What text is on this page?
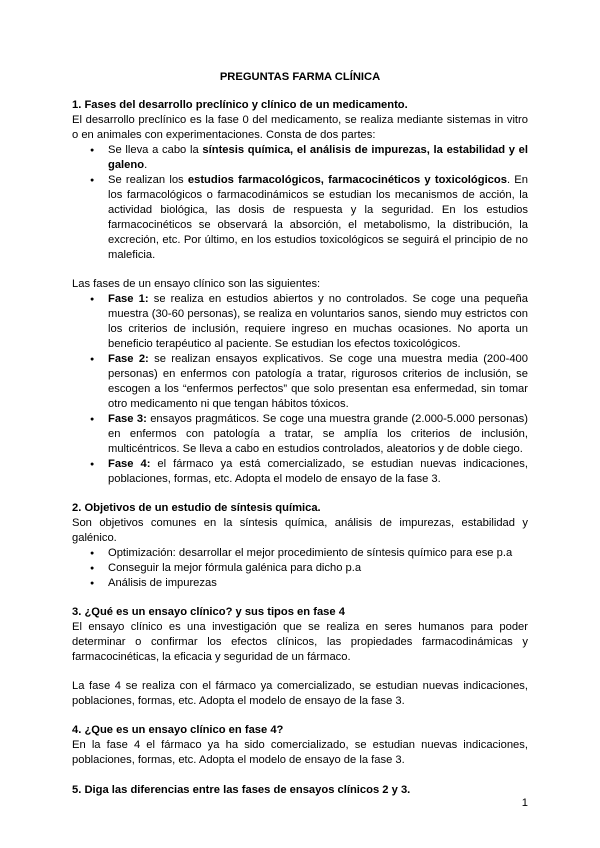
PREGUNTAS FARMA CLÍNICA
1. Fases del desarrollo preclínico y clínico de un medicamento.

El desarrollo preclínico es la fase 0 del medicamento, se realiza mediante sistemas in vitro o en animales con experimentaciones. Consta de dos partes:

● Se lleva a cabo la síntesis química, el análisis de impurezas, la estabilidad y el galeno.
● Se realizan los estudios farmacológicos, farmacocinéticos y toxicológicos. En los farmacológicos o farmacodinámicos se estudian los mecanismos de acción, la actividad biológica, las dosis de respuesta y la seguridad. En los estudios farmacocinéticos se observará la absorción, el metabolismo, la distribución, la excreción, etc. Por último, en los estudios toxicológicos se seguirá el principio de no maleficia.

Las fases de un ensayo clínico son las siguientes:

● Fase 1: se realiza en estudios abiertos y no controlados. Se coge una pequeña muestra (30-60 personas), se realiza en voluntarios sanos, siendo muy estrictos con los criterios de inclusión, requiere ingreso en muchas ocasiones. No aporta un beneficio terapéutico al paciente. Se estudian los efectos toxicológicos.
● Fase 2: se realizan ensayos explicativos. Se coge una muestra media (200-400 personas) en enfermos con patología a tratar, rigurosos criterios de inclusión, se escogen a los “enfermos perfectos” que solo presentan esa enfermedad, sin tomar otro medicamento ni que tengan hábitos tóxicos.
● Fase 3: ensayos pragmáticos. Se coge una muestra grande (2.000-5.000 personas) en enfermos con patología a tratar, se amplía los criterios de inclusión, multicéntricos. Se lleva a cabo en estudios controlados, aleatorios y de doble ciego.
● Fase 4: el fármaco ya está comercializado, se estudian nuevas indicaciones, poblaciones, formas, etc. Adopta el modelo de ensayo de la fase 3.
2. Objetivos de un estudio de síntesis química.

Son objetivos comunes en la síntesis química, análisis de impurezas, estabilidad y galénico.

● Optimización: desarrollar el mejor procedimiento de síntesis químico para ese p.a
● Conseguir la mejor fórmula galénica para dicho p.a
● Análisis de impurezas
3. ¿Qué es un ensayo clínico? y sus tipos en fase 4

El ensayo clínico es una investigación que se realiza en seres humanos para poder determinar o confirmar los efectos clínicos, las propiedades farmacodinámicas y farmacocinéticas, la eficacia y seguridad de un fármaco.

La fase 4 se realiza con el fármaco ya comercializado, se estudian nuevas indicaciones, poblaciones, formas, etc. Adopta el modelo de ensayo de la fase 3.

4. ¿Que es un ensayo clínico en fase 4?

En la fase 4 el fármaco ya ha sido comercializado, se estudian nuevas indicaciones, poblaciones, formas, etc. Adopta el modelo de ensayo de la fase 3.

5. Diga las diferencias entre las fases de ensayos clínicos 2 y 3.
1
